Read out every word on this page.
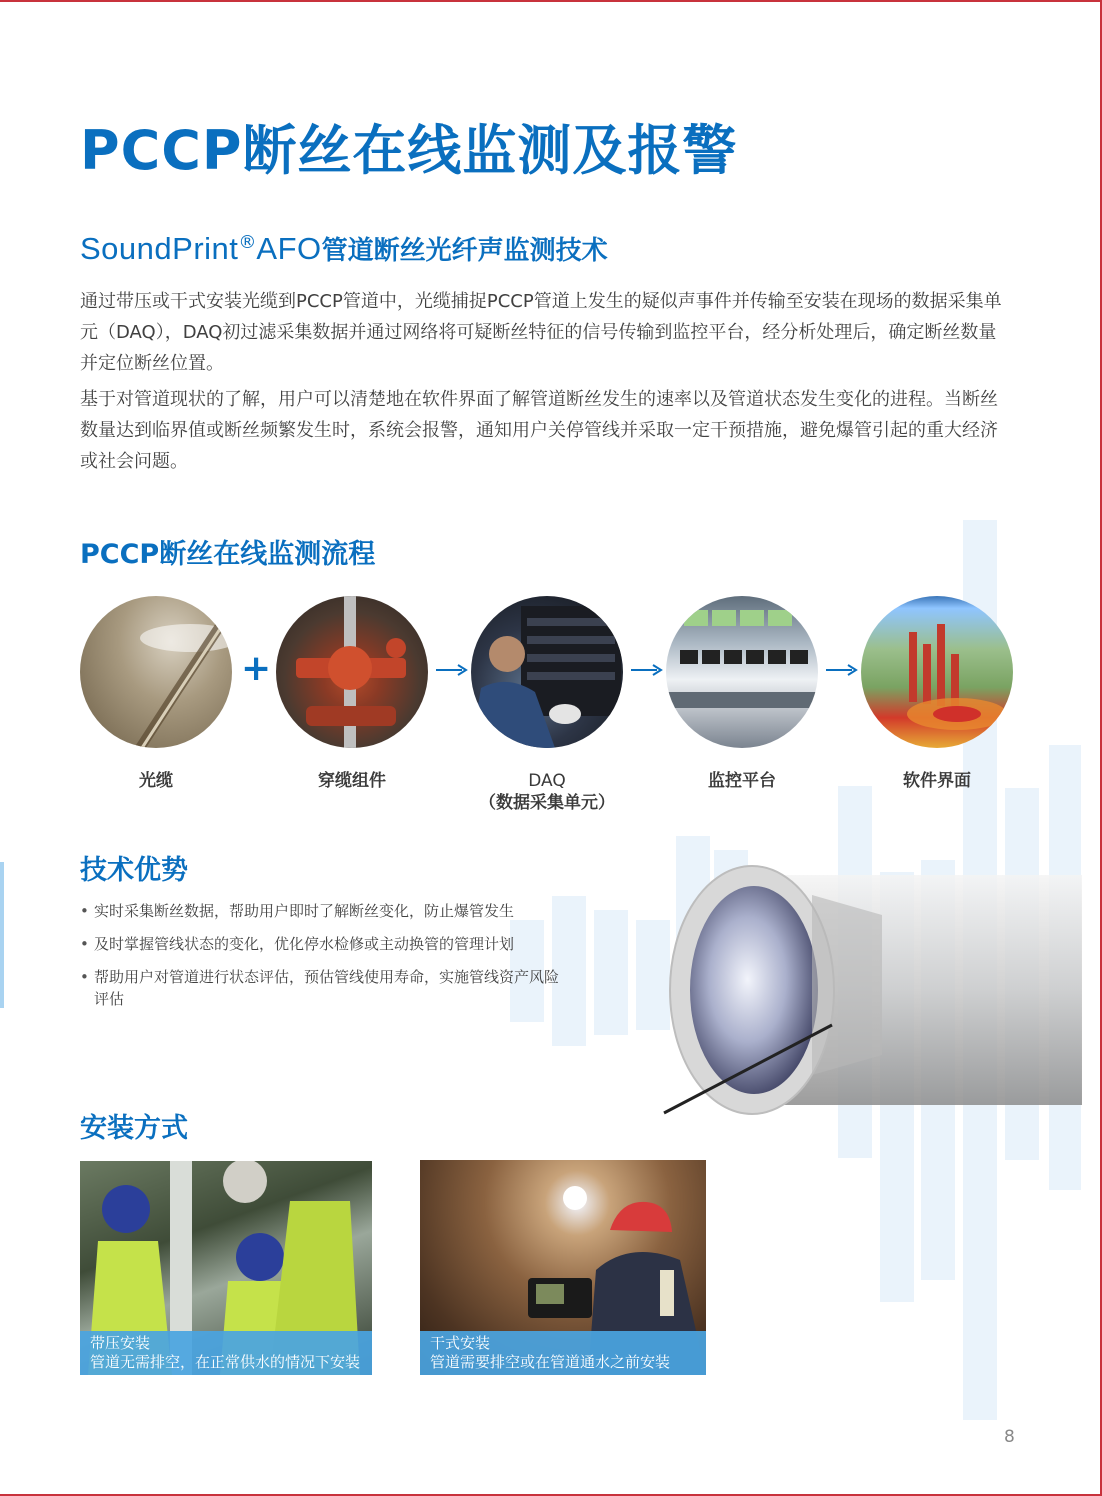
PCCP断丝在线监测及报警
SoundPrint®AFO管道断丝光纤声监测技术

通过带压或干式安装光缆到PCCP管道中，光缆捕捉PCCP管道上发生的疑似声事件并传输至安装在现场的数据采集单元（DAQ），DAQ初过滤采集数据并通过网络将可疑断丝特征的信号传输到监控平台，经分析处理后，确定断丝数量并定位断丝位置。

基于对管道现状的了解，用户可以清楚地在软件界面了解管道断丝发生的速率以及管道状态发生变化的进程。当断丝数量达到临界值或断丝频繁发生时，系统会报警，通知用户关停管线并采取一定干预措施，避免爆管引起的重大经济或社会问题。

PCCP断丝在线监测流程
+
光缆	穿缆组件	DAQ
（数据采集单元）
监控平台	软件界面
技术优势
• 实时采集断丝数据，帮助用户即时了解断丝变化，防止爆管发生
• 及时掌握管线状态的变化，优化停水检修或主动换管的管理计划
• 帮助用户对管道进行状态评估，预估管线使用寿命，实施管线资产风险评估
安装方式
带压安装
管道无需排空，在正常供水的情况下安装
干式安装
管道需要排空或在管道通水之前安装
8
